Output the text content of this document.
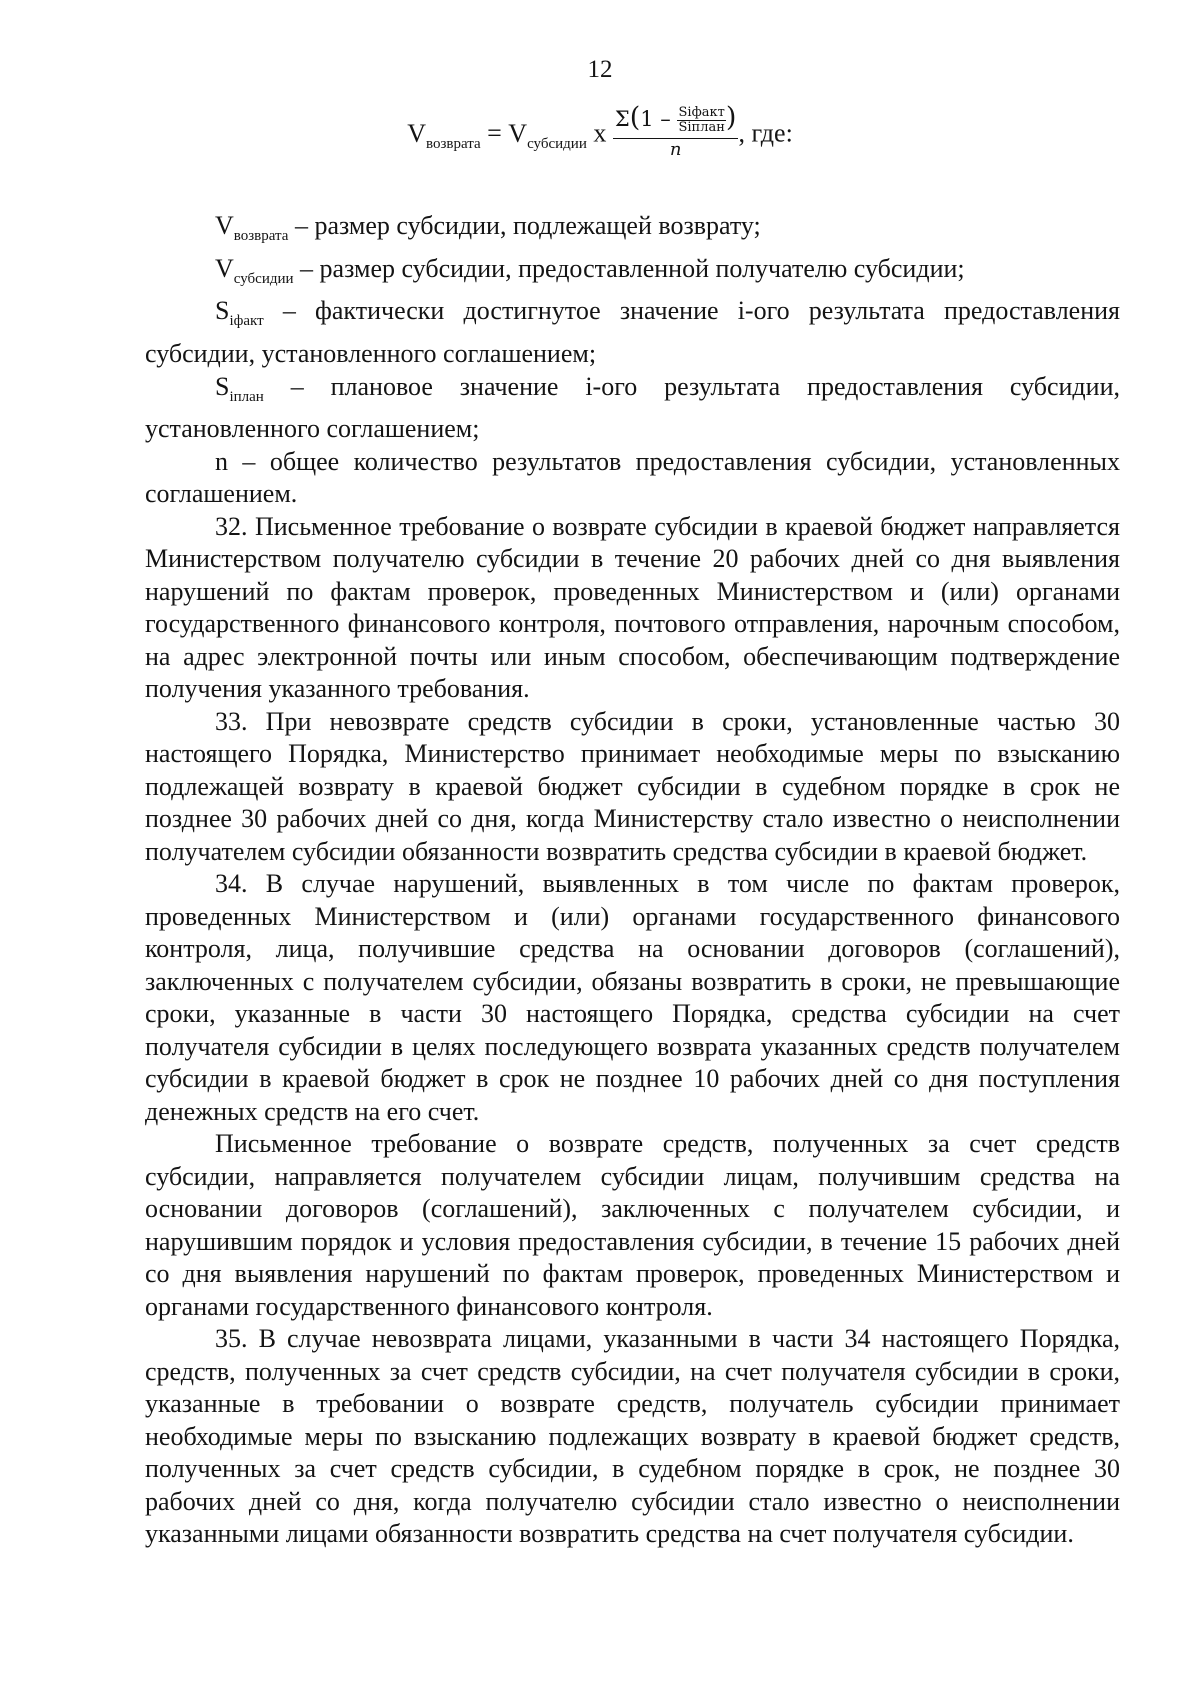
12
$V_{возврата} = V_{субсидии}$ x $\frac{\Sigma(1 - \frac{\text{Siфакт}}{\text{Siплан}} )}{n}$ , где:

$V_{возврата}$ – размер субсидии, подлежащей возврату;

$V_{субсидии}$ – размер субсидии, предоставленной получателю субсидии;

$S_{iфакт}$ – фактически достигнутое значение i-ого результата предоставления субсидии, установленного соглашением;

$S_{iплан}$ – плановое значение i-ого результата предоставления субсидии, установленного соглашением;

n – общее количество результатов предоставления субсидии, установленных соглашением.

32. Письменное требование о возврате субсидии в краевой бюджет направляется Министерством получателю субсидии в течение 20 рабочих дней со дня выявления нарушений по фактам проверок, проведенных Министерством и (или) органами государственного финансового контроля, почтового отправления, нарочным способом, на адрес электронной почты или иным способом, обеспечивающим подтверждение получения указанного требования.

33. При невозврате средств субсидии в сроки, установленные частью 30 настоящего Порядка, Министерство принимает необходимые меры по взысканию подлежащей возврату в краевой бюджет субсидии в судебном порядке в срок не позднее 30 рабочих дней со дня, когда Министерству стало известно о неисполнении получателем субсидии обязанности возвратить средства субсидии в краевой бюджет.

34. В случае нарушений, выявленных в том числе по фактам проверок, проведенных Министерством и (или) органами государственного финансового контроля, лица, получившие средства на основании договоров (соглашений), заключенных с получателем субсидии, обязаны возвратить в сроки, не превышающие сроки, указанные в части 30 настоящего Порядка, средства субсидии на счет получателя субсидии в целях последующего возврата указанных средств получателем субсидии в краевой бюджет в срок не позднее 10 рабочих дней со дня поступления денежных средств на его счет.

Письменное требование о возврате средств, полученных за счет средств субсидии, направляется получателем субсидии лицам, получившим средства на основании договоров (соглашений), заключенных с получателем субсидии, и нарушившим порядок и условия предоставления субсидии, в течение 15 рабочих дней со дня выявления нарушений по фактам проверок, проведенных Министерством и органами государственного финансового контроля.

35. В случае невозврата лицами, указанными в части 34 настоящего Порядка, средств, полученных за счет средств субсидии, на счет получателя субсидии в сроки, указанные в требовании о возврате средств, получатель субсидии принимает необходимые меры по взысканию подлежащих возврату в краевой бюджет средств, полученных за счет средств субсидии, в судебном порядке в срок, не позднее 30 рабочих дней со дня, когда получателю субсидии стало известно о неисполнении указанными лицами обязанности возвратить средства на счет получателя субсидии.
